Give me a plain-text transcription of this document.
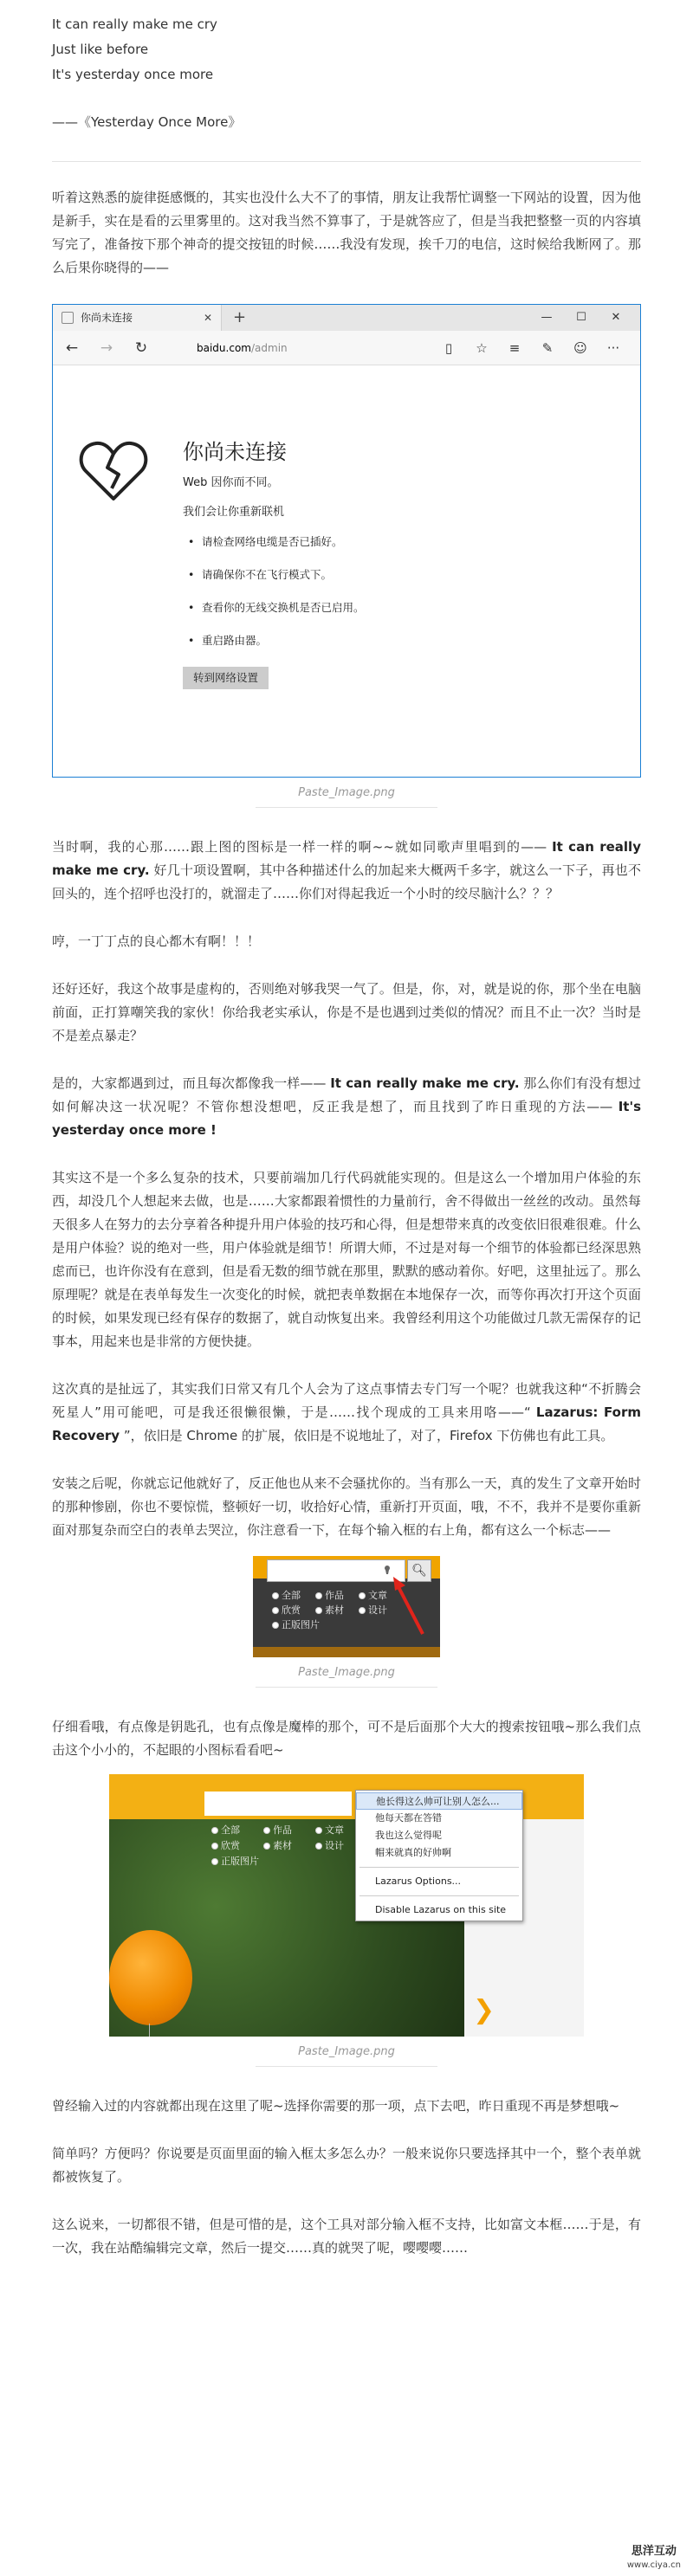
It can really make me cry

Just like before

It's yesterday once more

——《Yesterday Once More》

听着这熟悉的旋律挺感慨的，其实也没什么大不了的事情，朋友让我帮忙调整一下网站的设置，因为他是新手，实在是看的云里雾里的。这对我当然不算事了，于是就答应了，但是当我把整整一页的内容填写完了，准备按下那个神奇的提交按钮的时候……我没有发现，挨千刀的电信，这时候给我断网了。那么后果你晓得的——

你尚未连接	✕ +	—	☐	✕
←	→	↻	baidu.com/admin	▯	☆	≡	✎	☺	···
你尚未连接
Web 因你而不同。
我们会让你重新联机
• 请检查网络电缆是否已插好。
• 请确保你不在飞行模式下。
• 查看你的无线交换机是否已启用。
• 重启路由器。
转到网络设置
Paste_Image.png

当时啊，我的心那……跟上图的图标是一样一样的啊~~就如同歌声里唱到的—— It can really make me cry. 好几十项设置啊，其中各种描述什么的加起来大概两千多字，就这么一下子，再也不回头的，连个招呼也没打的，就溜走了……你们对得起我近一个小时的绞尽脑汁么？？？

哼，一丁丁点的良心都木有啊！！！

还好还好，我这个故事是虚构的，否则绝对够我哭一气了。但是，你，对，就是说的你，那个坐在电脑前面，正打算嘲笑我的家伙！你给我老实承认，你是不是也遇到过类似的情况？而且不止一次？当时是不是差点暴走？

是的，大家都遇到过，而且每次都像我一样—— It can really make me cry. 那么你们有没有想过如何解决这一状况呢？不管你想没想吧，反正我是想了，而且找到了昨日重现的方法—— It's yesterday once more !

其实这不是一个多么复杂的技术，只要前端加几行代码就能实现的。但是这么一个增加用户体验的东西，却没几个人想起来去做，也是……大家都跟着惯性的力量前行，舍不得做出一丝丝的改动。虽然每天很多人在努力的去分享着各种提升用户体验的技巧和心得，但是想带来真的改变依旧很难很难。什么是用户体验？说的绝对一些，用户体验就是细节！所谓大师，不过是对每一个细节的体验都已经深思熟虑而已，也许你没有在意到，但是看无数的细节就在那里，默默的感动着你。好吧，这里扯远了。那么原理呢？就是在表单每发生一次变化的时候，就把表单数据在本地保存一次，而等你再次打开这个页面的时候，如果发现已经有保存的数据了，就自动恢复出来。我曾经利用这个功能做过几款无需保存的记事本，用起来也是非常的方便快捷。

这次真的是扯远了，其实我们日常又有几个人会为了这点事情去专门写一个呢？也就我这种“不折腾会死星人”用可能吧，可是我还很懒很懒，于是……找个现成的工具来用咯——“ Lazarus: Form Recovery ”，依旧是 Chrome 的扩展，依旧是不说地址了，对了，Firefox 下仿佛也有此工具。

安装之后呢，你就忘记他就好了，反正他也从来不会骚扰你的。当有那么一天，真的发生了文章开始时的那种惨剧，你也不要惊慌，整顿好一切，收拾好心情，重新打开页面，哦，不不，我并不是要你重新面对那复杂而空白的表单去哭泣，你注意看一下，在每个输入框的右上角，都有这么一个标志——

🔍︎
全部	作品	文章
欣赏	素材	设计
正版图片
Paste_Image.png

仔细看哦，有点像是钥匙孔，也有点像是魔棒的那个，可不是后面那个大大的搜索按钮哦~那么我们点击这个小小的，不起眼的小图标看看吧~

❯
全部	作品	文章
欣赏	素材	设计
正版图片
他长得这么帅可让别人怎么...
他每天都在答错
我也这么觉得呢
帽来就真的好帅啊
Lazarus Options...
Disable Lazarus on this site
Paste_Image.png

曾经输入过的内容就都出现在这里了呢~选择你需要的那一项，点下去吧，昨日重现不再是梦想哦~

简单吗？方便吗？你说要是页面里面的输入框太多怎么办？一般来说你只要选择其中一个，整个表单就都被恢复了。

这么说来，一切都很不错，但是可惜的是，这个工具对部分输入框不支持，比如富文本框……于是，有一次，我在站酷编辑完文章，然后一提交……真的就哭了呢，嘤嘤嘤……

思洋互动
www.ciya.cn
